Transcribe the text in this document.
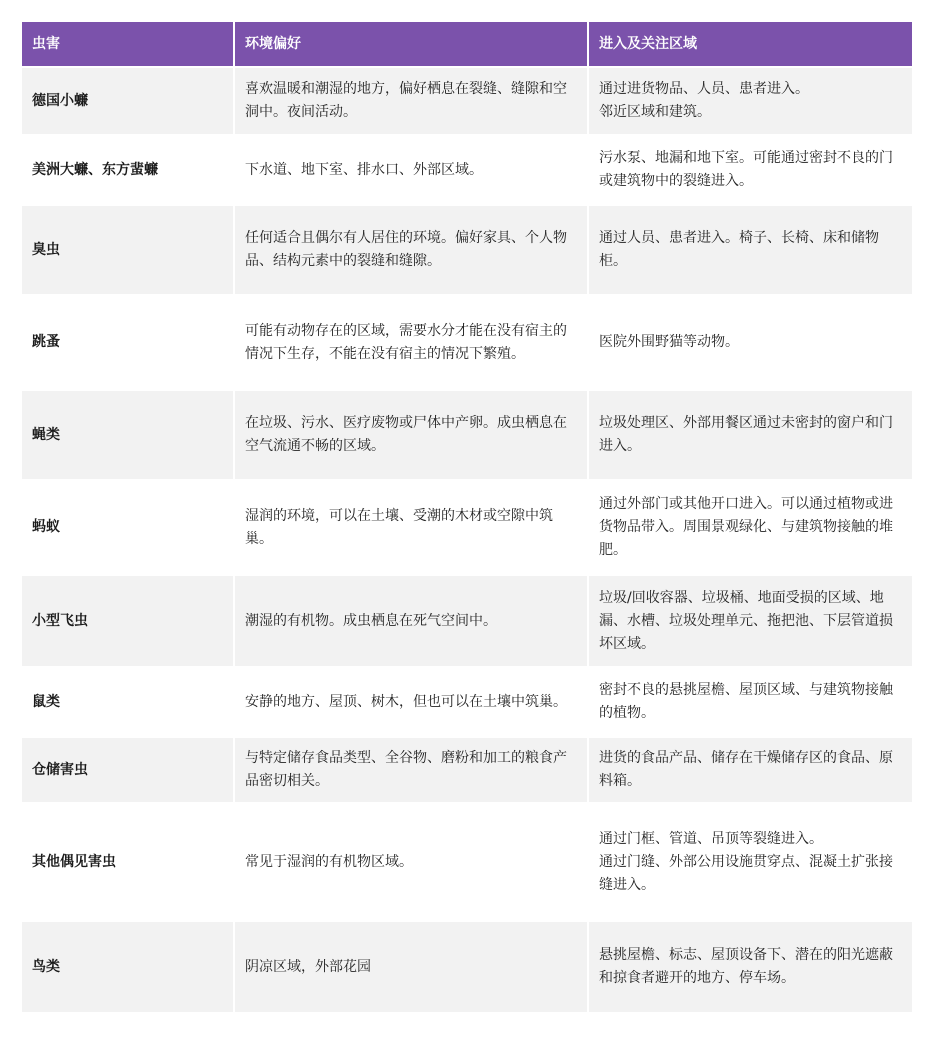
虫害	环境偏好	进入及关注区域
德国小蠊	喜欢温暖和潮湿的地方，偏好栖息在裂缝、缝隙和空洞中。夜间活动。	通过进货物品、人员、患者进入。
邻近区域和建筑。

美洲大蠊、东方蜚蠊	下水道、地下室、排水口、外部区域。	污水泵、地漏和地下室。可能通过密封不良的门或建筑物中的裂缝进入。

臭虫	任何适合且偶尔有人居住的环境。偏好家具、个人物品、结构元素中的裂缝和缝隙。	通过人员、患者进入。椅子、长椅、床和储物柜。

跳蚤	可能有动物存在的区域，需要水分才能在没有宿主的情况下生存，不能在没有宿主的情况下繁殖。	医院外围野猫等动物。

蝇类	在垃圾、污水、医疗废物或尸体中产卵。成虫栖息在空气流通不畅的区域。	垃圾处理区、外部用餐区通过未密封的窗户和门进入。

蚂蚁	湿润的环境，可以在土壤、受潮的木材或空隙中筑巢。	通过外部门或其他开口进入。可以通过植物或进货物品带入。周围景观绿化、与建筑物接触的堆肥。

小型飞虫	潮湿的有机物。成虫栖息在死气空间中。	垃圾/回收容器、垃圾桶、地面受损的区域、地漏、水槽、垃圾处理单元、拖把池、下层管道损坏区域。

鼠类	安静的地方、屋顶、树木，但也可以在土壤中筑巢。	密封不良的悬挑屋檐、屋顶区域、与建筑物接触的植物。

仓储害虫	与特定储存食品类型、全谷物、磨粉和加工的粮食产品密切相关。	进货的食品产品、储存在干燥储存区的食品、原料箱。

其他偶见害虫	常见于湿润的有机物区域。	通过门框、管道、吊顶等裂缝进入。
通过门缝、外部公用设施贯穿点、混凝土扩张接缝进入。

鸟类	阴凉区域，外部花园	悬挑屋檐、标志、屋顶设备下、潜在的阳光遮蔽和掠食者避开的地方、停车场。
